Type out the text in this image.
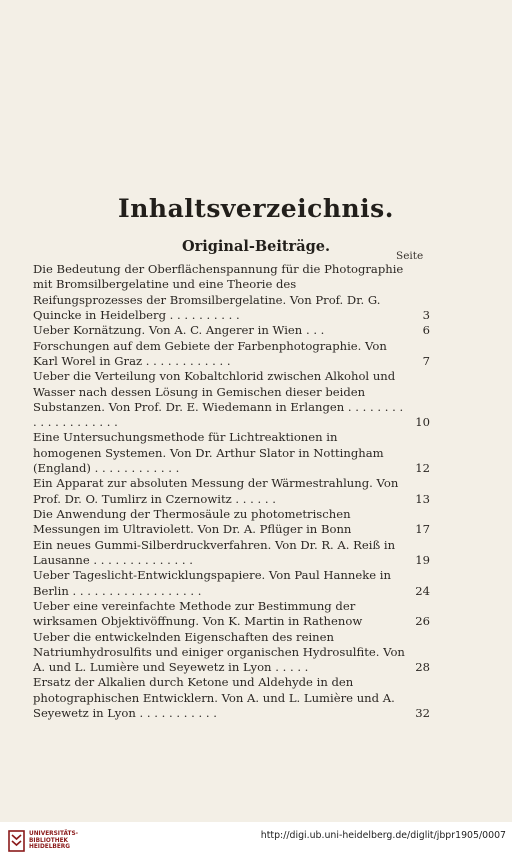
Inhaltsverzeichnis.
Original-Beiträge.
Seite
Die Bedeutung der Oberflächenspannung für die Photographie mit Bromsilbergelatine und eine Theorie des Reifungsprozesses der Bromsilbergelatine. Von Prof. Dr. G. Quincke in Heidelberg . . . . . . . . . .	3
Ueber Kornätzung. Von A. C. Angerer in Wien . . .	6
Forschungen auf dem Gebiete der Farbenphotographie. Von Karl Worel in Graz . . . . . . . . . . . .	7
Ueber die Verteilung von Kobaltchlorid zwischen Alkohol und Wasser nach dessen Lösung in Gemischen dieser beiden Substanzen. Von Prof. Dr. E. Wiedemann in Erlangen . . . . . . . . . . . . . . . . . . . .	10
Eine Untersuchungsmethode für Lichtreaktionen in homogenen Systemen. Von Dr. Arthur Slator in Nottingham (England) . . . . . . . . . . . .	12
Ein Apparat zur absoluten Messung der Wärmestrahlung. Von Prof. Dr. O. Tumlirz in Czernowitz . . . . . .	13
Die Anwendung der Thermosäule zu photometrischen Messungen im Ultraviolett. Von Dr. A. Pflüger in Bonn	17
Ein neues Gummi-Silberdruckverfahren. Von Dr. R. A. Reiß in Lausanne . . . . . . . . . . . . . .	19
Ueber Tageslicht-Entwicklungspapiere. Von Paul Hanneke in Berlin . . . . . . . . . . . . . . . . . .	24
Ueber eine vereinfachte Methode zur Bestimmung der wirksamen Objektivöffnung. Von K. Martin in Rathenow	26
Ueber die entwickelnden Eigenschaften des reinen Natriumhydrosulfits und einiger organischen Hydrosulfite. Von A. und L. Lumière und Seyewetz in Lyon . . . . .	28
Ersatz der Alkalien durch Ketone und Aldehyde in den photographischen Entwicklern. Von A. und L. Lumière und A. Seyewetz in Lyon . . . . . . . . . . .	32
UNIVERSITÄTS-
BIBLIOTHEK
HEIDELBERG
http://digi.ub.uni-heidelberg.de/diglit/jbpr1905/0007
